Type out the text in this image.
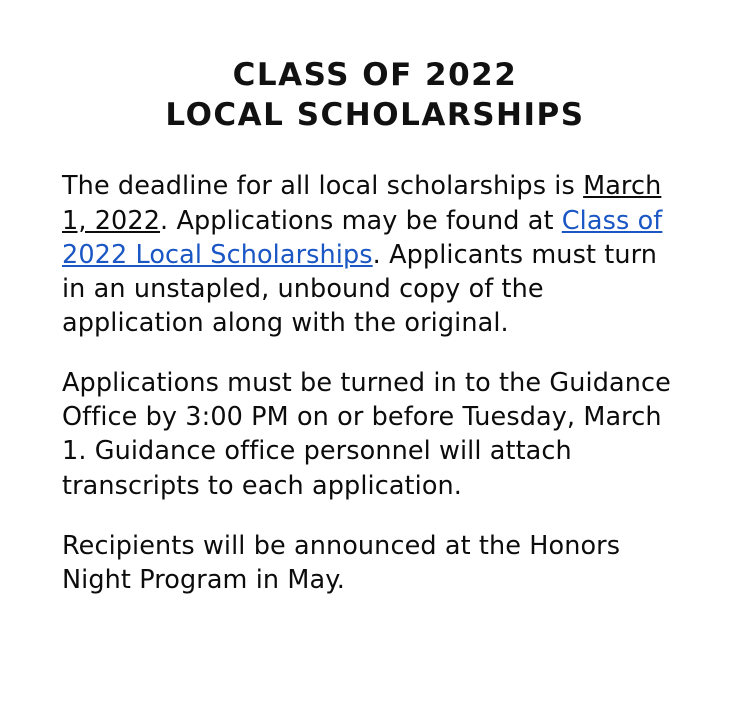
CLASS OF 2022
LOCAL SCHOLARSHIPS

The deadline for all local scholarships is March 1, 2022. Applications may be found at Class of 2022 Local Scholarships. Applicants must turn in an unstapled, unbound copy of the application along with the original.

Applications must be turned in to the Guidance Office by 3:00 PM on or before Tuesday, March 1. Guidance office personnel will attach transcripts to each application.

Recipients will be announced at the Honors Night Program in May.
